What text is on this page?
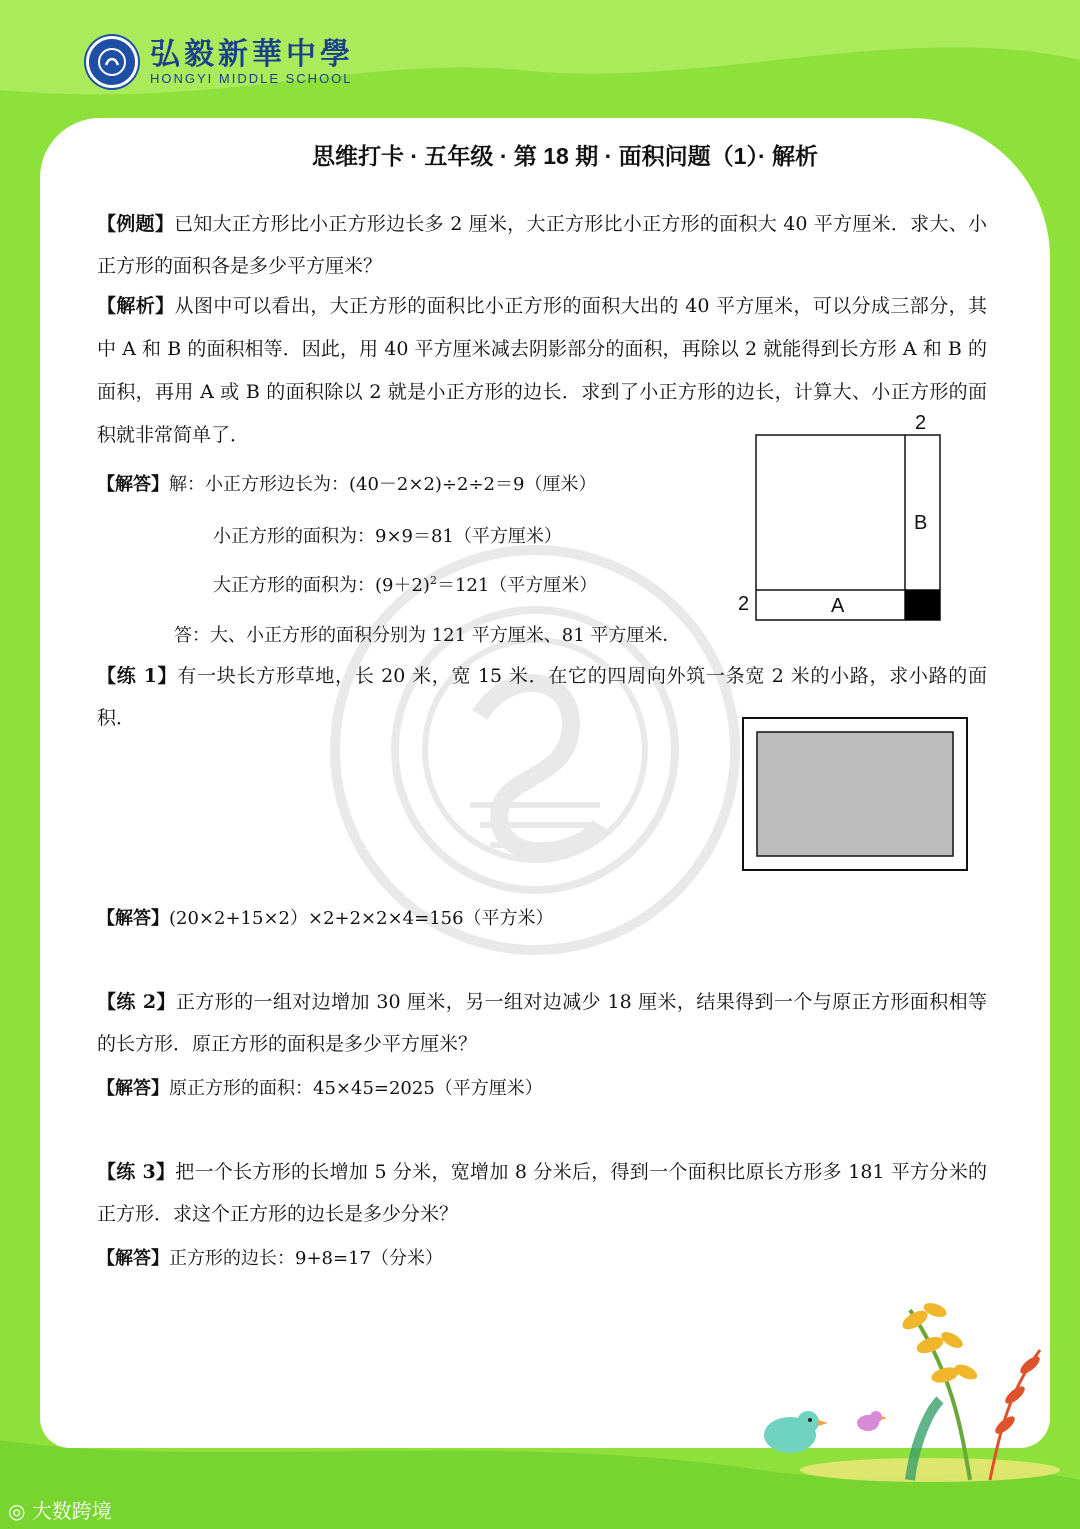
弘毅新華中學
HONGYI MIDDLE SCHOOL
思维打卡 · 五年级 · 第 18 期 · 面积问题（1）· 解析
【例题】已知大正方形比小正方形边长多 2 厘米，大正方形比小正方形的面积大 40 平方厘米．求大、小正方形的面积各是多少平方厘米？
【解析】从图中可以看出，大正方形的面积比小正方形的面积大出的 40 平方厘米，可以分成三部分，其中 A 和 B 的面积相等．因此，用 40 平方厘米减去阴影部分的面积，再除以 2 就能得到长方形 A 和 B 的面积，再用 A 或 B 的面积除以 2 就是小正方形的边长．求到了小正方形的边长，计算大、小正方形的面积就非常简单了．
【解答】解：小正方形边长为：(40－2×2)÷2÷2＝9（厘米）
小正方形的面积为：9×9＝81（平方厘米）
大正方形的面积为：$(9+2)^2=121$（平方厘米）
答：大、小正方形的面积分别为 121 平方厘米、81 平方厘米．
2
2	A
B
【练 1】有一块长方形草地，长 20 米，宽 15 米．在它的四周向外筑一条宽 2 米的小路，求小路的面积．
【解答】(20×2+15×2）×2+2×2×4=156（平方米）
【练 2】正方形的一组对边增加 30 厘米，另一组对边减少 18 厘米，结果得到一个与原正方形面积相等的长方形．原正方形的面积是多少平方厘米？
【解答】原正方形的面积：45×45=2025（平方厘米）
【练 3】把一个长方形的长增加 5 分米，宽增加 8 分米后，得到一个面积比原长方形多 181 平方分米的正方形．求这个正方形的边长是多少分米？
【解答】正方形的边长：9+8=17（分米）
◎ 大数跨境
